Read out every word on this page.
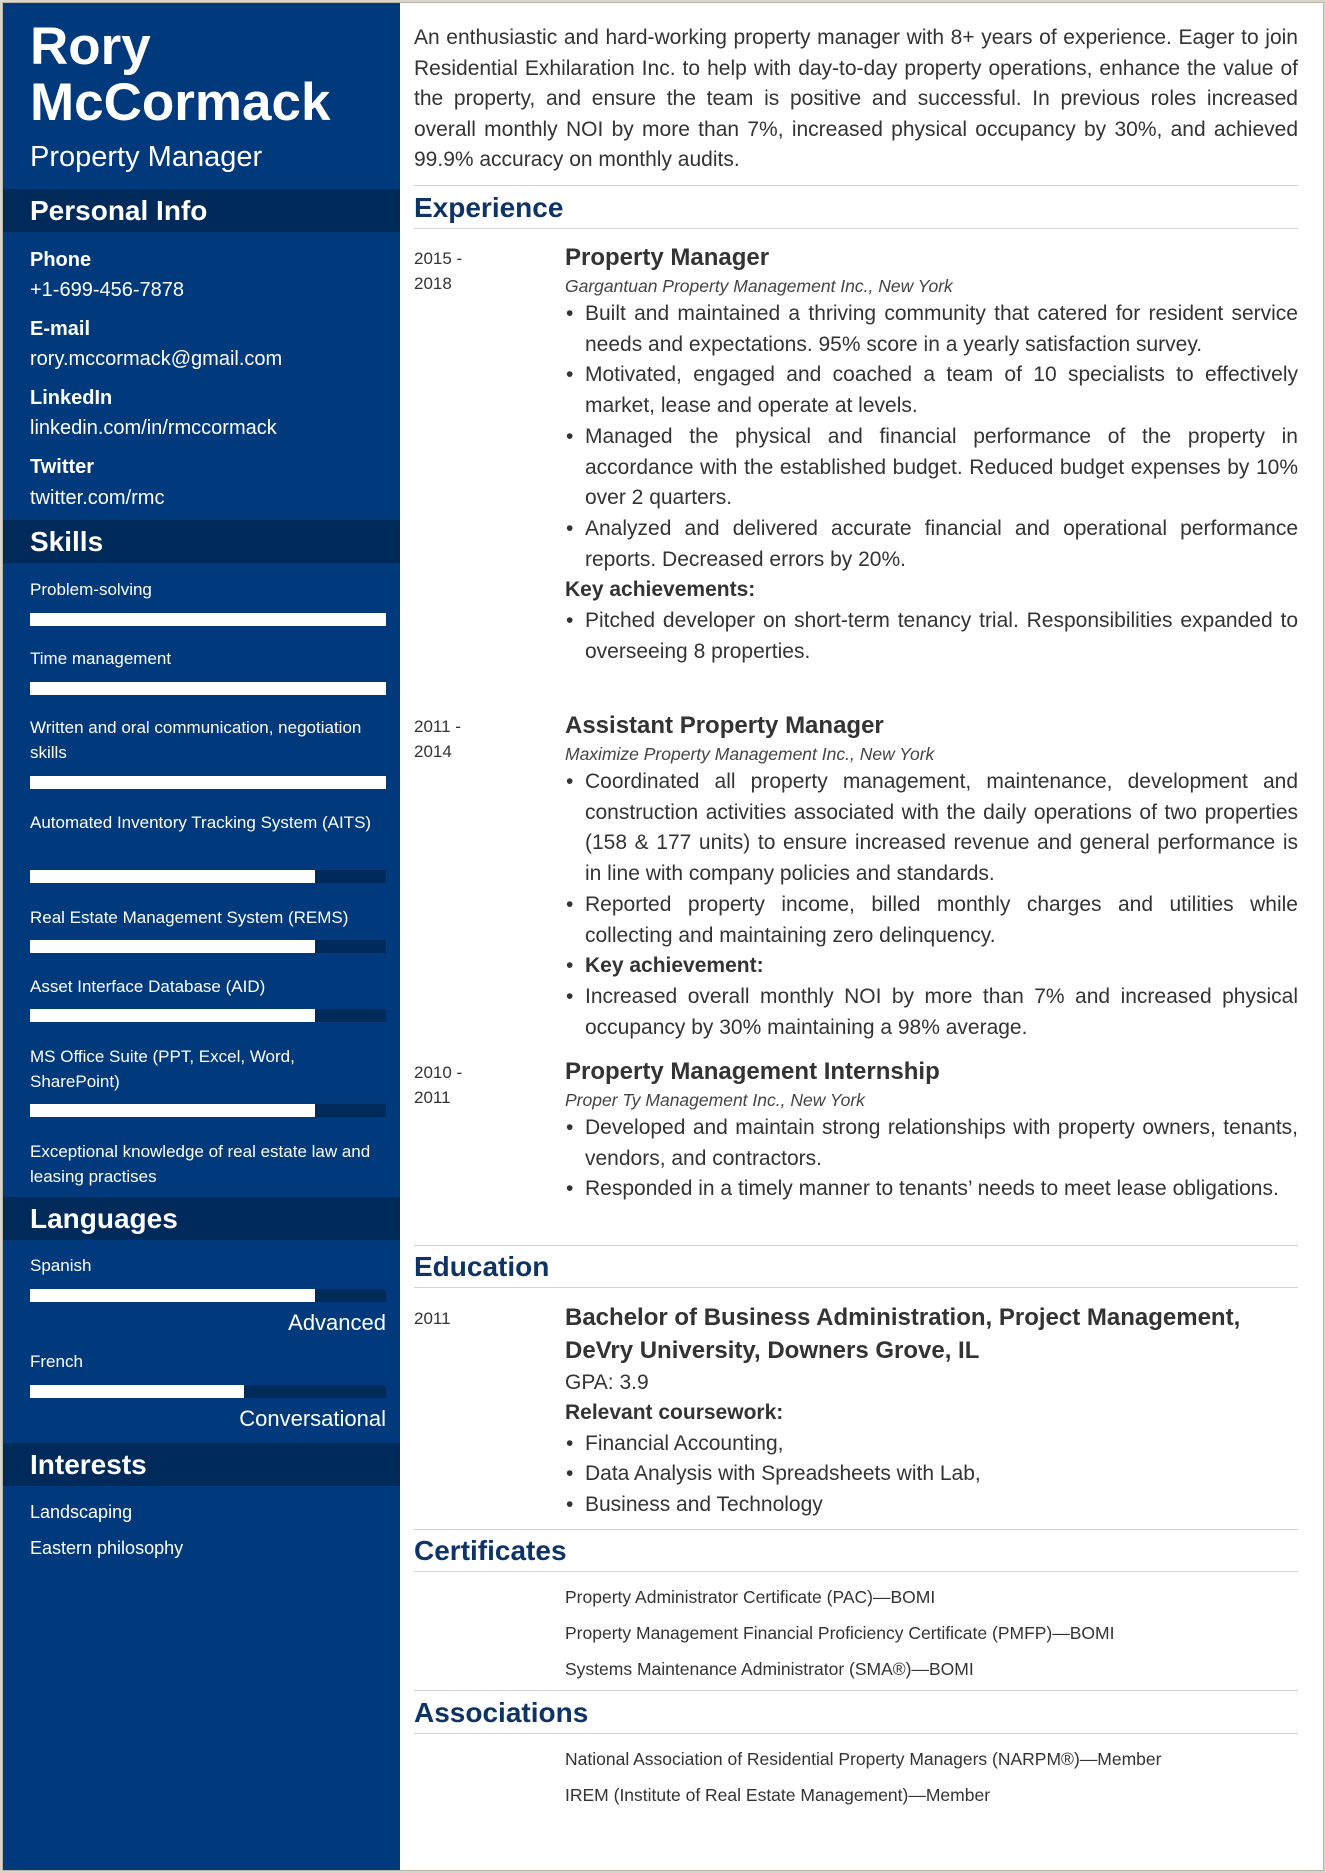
Rory
McCormack
Property Manager
Personal Info
Phone
+1-699-456-7878
E-mail
rory.mccormack@gmail.com
LinkedIn
linkedin.com/in/rmccormack
Twitter
twitter.com/rmc
Skills
Problem-solving
Time management
Written and oral communication, negotiation skills
Automated Inventory Tracking System (AITS)
Real Estate Management System (REMS)
Asset Interface Database (AID)
MS Office Suite (PPT, Excel, Word, SharePoint)
Exceptional knowledge of real estate law and leasing practises
Languages
Spanish
Advanced
French
Conversational
Interests
Landscaping
Eastern philosophy
An enthusiastic and hard-working property manager with 8+ years of experience. Eager to join Residential Exhilaration Inc. to help with day-to-day property operations, enhance the value of the property, and ensure the team is positive and successful. In previous roles increased overall monthly NOI by more than 7%, increased physical occupancy by 30%, and achieved 99.9% accuracy on monthly audits.
Experience
2015 -
2018
Property Manager
Gargantuan Property Management Inc., New York
• Built and maintained a thriving community that catered for resident service needs and expectations. 95% score in a yearly satisfaction survey.
• Motivated, engaged and coached a team of 10 specialists to effectively market, lease and operate at levels.
• Managed the physical and financial performance of the property in accordance with the established budget. Reduced budget expenses by 10% over 2 quarters.
• Analyzed and delivered accurate financial and operational performance reports. Decreased errors by 20%.
Key achievements:
• Pitched developer on short-term tenancy trial. Responsibilities expanded to overseeing 8 properties.
2011 -
2014
Assistant Property Manager
Maximize Property Management Inc., New York
• Coordinated all property management, maintenance, development and construction activities associated with the daily operations of two properties (158 & 177 units) to ensure increased revenue and general performance is in line with company policies and standards.
• Reported property income, billed monthly charges and utilities while collecting and maintaining zero delinquency.
• Key achievement:
• Increased overall monthly NOI by more than 7% and increased physical occupancy by 30% maintaining a 98% average.
2010 -
2011
Property Management Internship
Proper Ty Management Inc., New York
• Developed and maintain strong relationships with property owners, tenants, vendors, and contractors.
• Responded in a timely manner to tenants’ needs to meet lease obligations.
Education
2011	Bachelor of Business Administration, Project Management,
DeVry University, Downers Grove, IL
GPA: 3.9
Relevant coursework:
• Financial Accounting,
• Data Analysis with Spreadsheets with Lab,
• Business and Technology
Certificates
Property Administrator Certificate (PAC)—BOMI
Property Management Financial Proficiency Certificate (PMFP)—BOMI
Systems Maintenance Administrator (SMA®)—BOMI
Associations
National Association of Residential Property Managers (NARPM®)—Member
IREM (Institute of Real Estate Management)—Member
